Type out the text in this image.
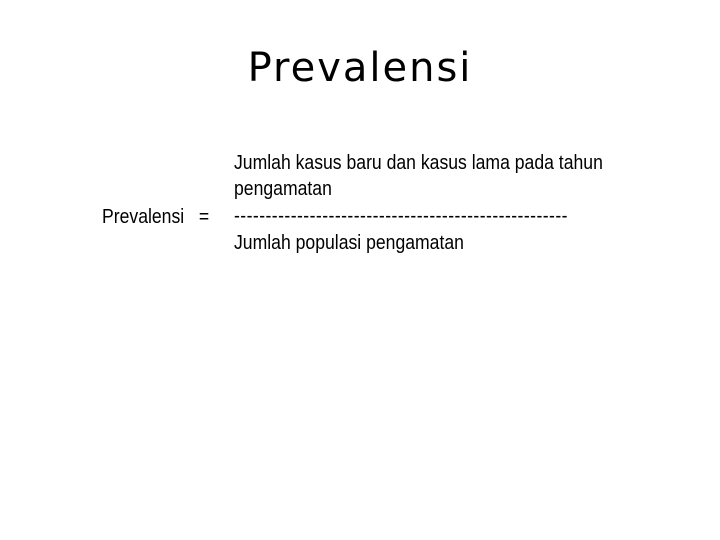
Prevalensi
Prevalensi   =
Jumlah kasus baru dan kasus lama pada tahun
pengamatan
-----------------------------------------------------
Jumlah populasi pengamatan
